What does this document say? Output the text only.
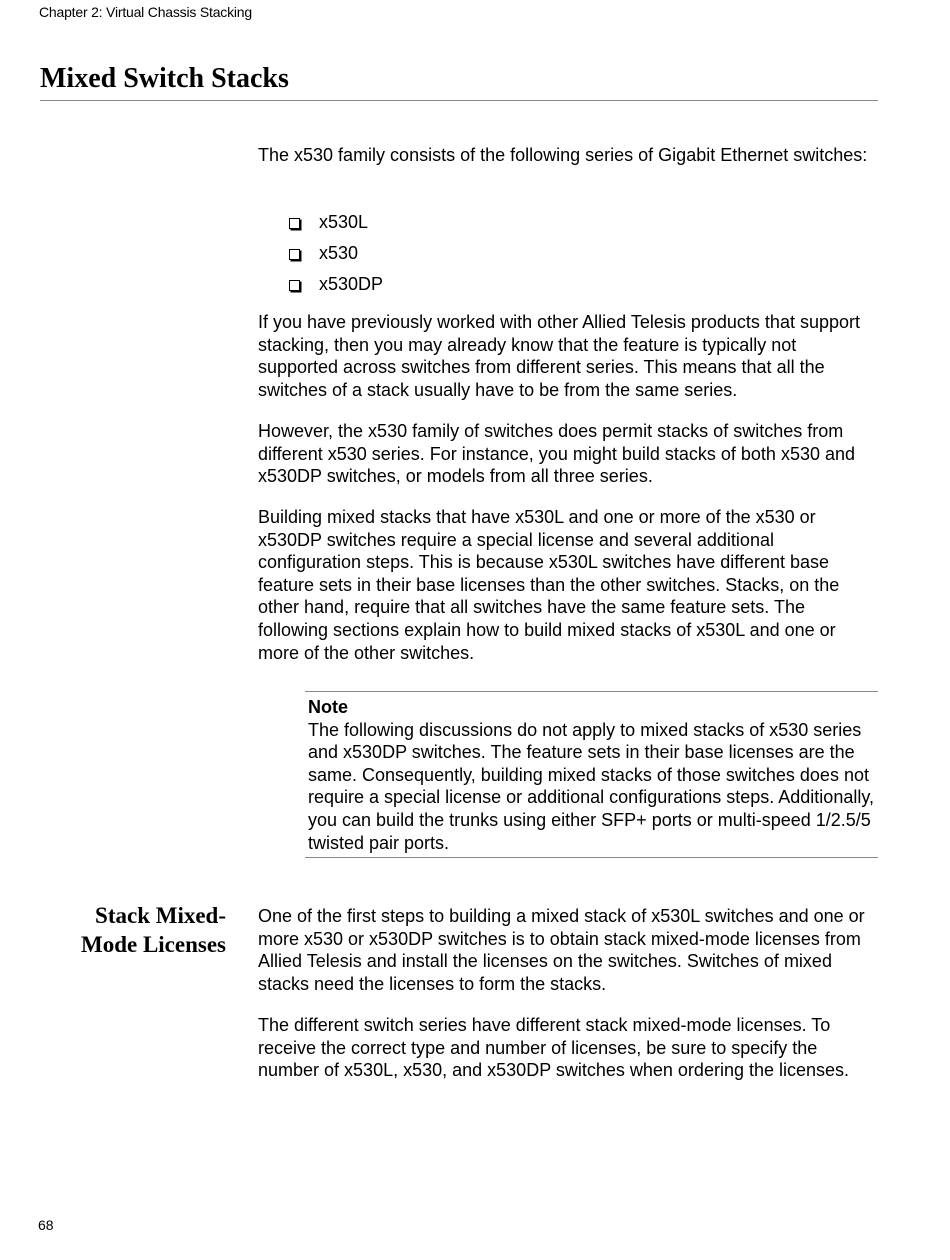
Chapter 2: Virtual Chassis Stacking
Mixed Switch Stacks

The x530 family consists of the following series of Gigabit Ethernet switches:

x530L
x530
x530DP

If you have previously worked with other Allied Telesis products that support stacking, then you may already know that the feature is typically not supported across switches from different series. This means that all the switches of a stack usually have to be from the same series.

However, the x530 family of switches does permit stacks of switches from different x530 series. For instance, you might build stacks of both x530 and x530DP switches, or models from all three series.

Building mixed stacks that have x530L and one or more of the x530 or x530DP switches require a special license and several additional configuration steps. This is because x530L switches have different base feature sets in their base licenses than the other switches. Stacks, on the other hand, require that all switches have the same feature sets. The following sections explain how to build mixed stacks of x530L and one or more of the other switches.

Note

The following discussions do not apply to mixed stacks of x530 series and x530DP switches. The feature sets in their base licenses are the same. Consequently, building mixed stacks of those switches does not require a special license or additional configurations steps. Additionally, you can build the trunks using either SFP+ ports or multi-speed 1/2.5/5 twisted pair ports.

Stack Mixed-
Mode Licenses

One of the first steps to building a mixed stack of x530L switches and one or more x530 or x530DP switches is to obtain stack mixed-mode licenses from Allied Telesis and install the licenses on the switches. Switches of mixed stacks need the licenses to form the stacks.

The different switch series have different stack mixed-mode licenses. To receive the correct type and number of licenses, be sure to specify the number of x530L, x530, and x530DP switches when ordering the licenses.

68
